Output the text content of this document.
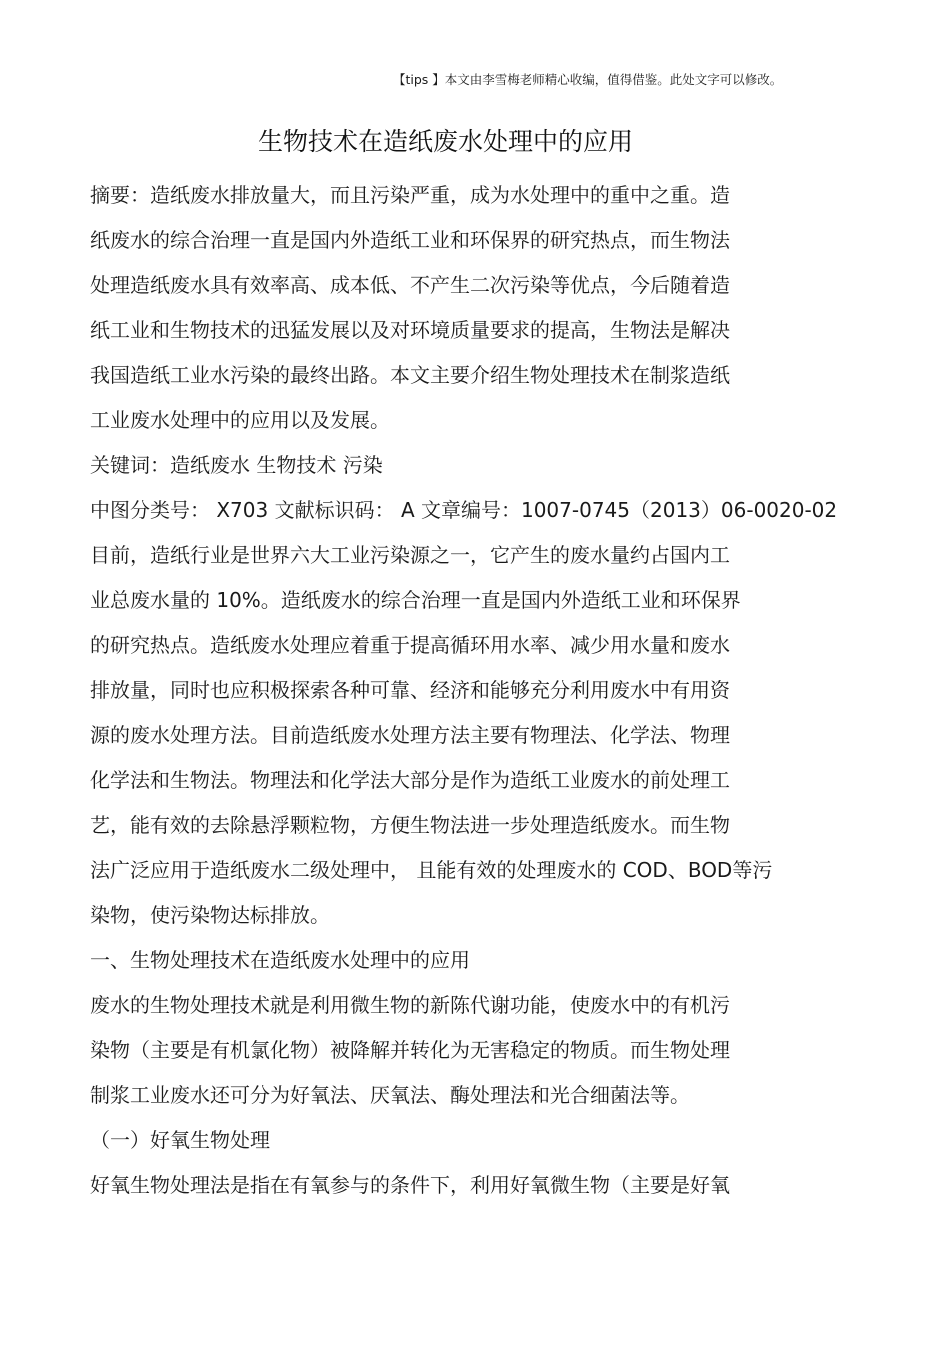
【tips 】本文由李雪梅老师精心收编，值得借鉴。此处文字可以修改。
生物技术在造纸废水处理中的应用
摘要：造纸废水排放量大，而且污染严重，成为水处理中的重中之重。造
纸废水的综合治理一直是国内外造纸工业和环保界的研究热点，而生物法
处理造纸废水具有效率高、成本低、不产生二次污染等优点，今后随着造
纸工业和生物技术的迅猛发展以及对环境质量要求的提高，生物法是解决
我国造纸工业水污染的最终出路。本文主要介绍生物处理技术在制浆造纸
工业废水处理中的应用以及发展。
关键词：造纸废水 生物技术 污染
中图分类号： X703 文献标识码： A 文章编号：1007-0745（2013）06-0020-02
目前，造纸行业是世界六大工业污染源之一，它产生的废水量约占国内工
业总废水量的 10%。造纸废水的综合治理一直是国内外造纸工业和环保界
的研究热点。造纸废水处理应着重于提高循环用水率、减少用水量和废水
排放量，同时也应积极探索各种可靠、经济和能够充分利用废水中有用资
源的废水处理方法。目前造纸废水处理方法主要有物理法、化学法、物理
化学法和生物法。物理法和化学法大部分是作为造纸工业废水的前处理工
艺，能有效的去除悬浮颗粒物，方便生物法进一步处理造纸废水。而生物
法广泛应用于造纸废水二级处理中， 且能有效的处理废水的 COD、BOD等污
染物，使污染物达标排放。
一、生物处理技术在造纸废水处理中的应用
废水的生物处理技术就是利用微生物的新陈代谢功能，使废水中的有机污
染物（主要是有机氯化物）被降解并转化为无害稳定的物质。而生物处理
制浆工业废水还可分为好氧法、厌氧法、酶处理法和光合细菌法等。
（一）好氧生物处理
好氧生物处理法是指在有氧参与的条件下，利用好氧微生物（主要是好氧
